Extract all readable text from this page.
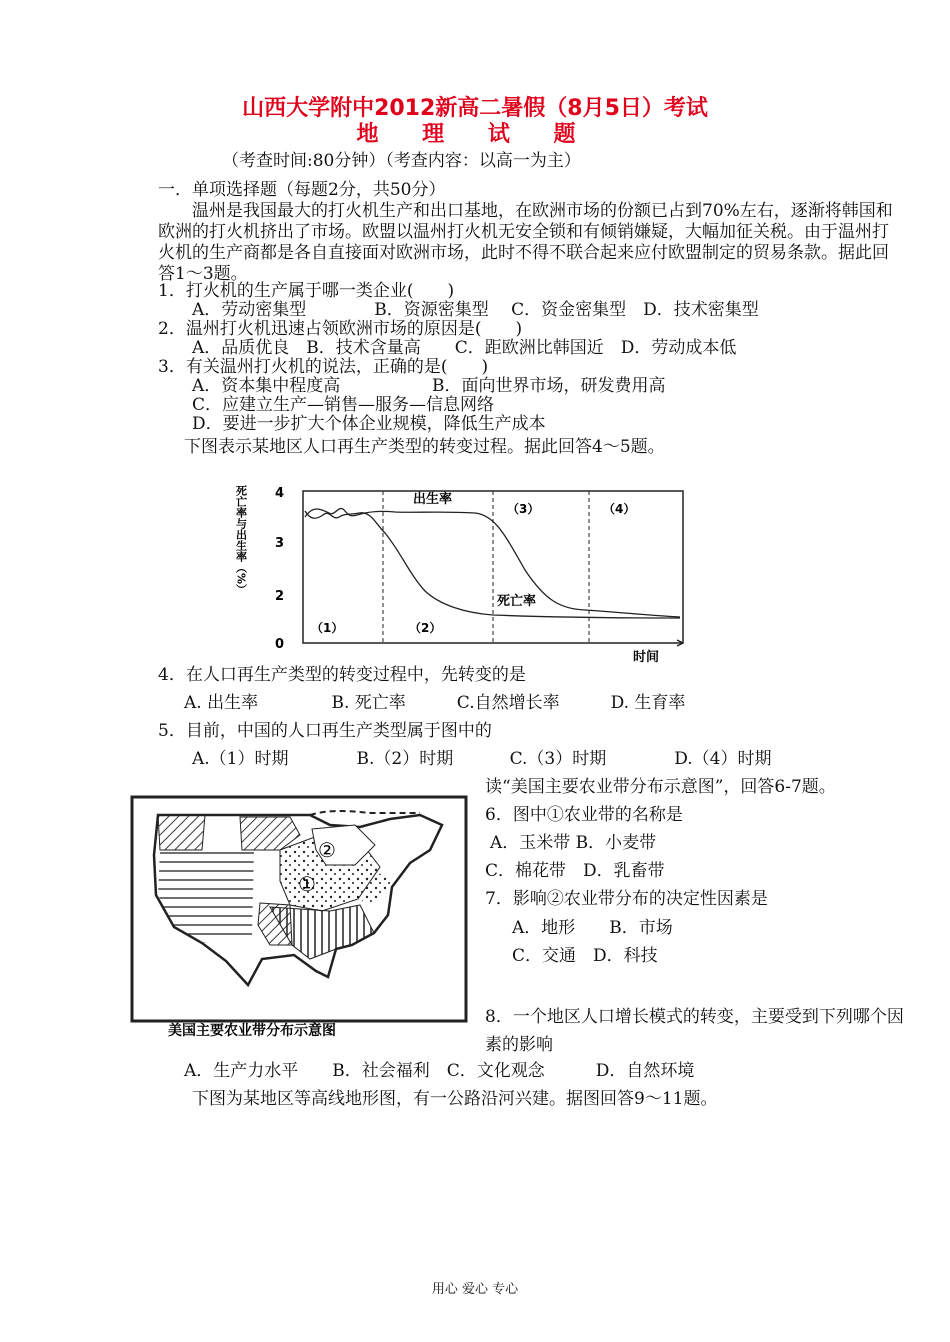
山西大学附中2012新高二暑假（8月5日）考试
地 理 试 题
（考查时间:80分钟）（考查内容：以高一为主）
一．单项选择题（每题2分，共50分）
温州是我国最大的打火机生产和出口基地，在欧洲市场的份额已占到70%左右，逐渐将韩国和欧洲的打火机挤出了市场。欧盟以温州打火机无安全锁和有倾销嫌疑，大幅加征关税。由于温州打火机的生产商都是各自直接面对欧洲市场，此时不得不联合起来应付欧盟制定的贸易条款。据此回答1～3题。
1．打火机的生产属于哪一类企业(　　)
A．劳动密集型　　　　B．资源密集型　 C．资金密集型　D．技术密集型
2．温州打火机迅速占领欧洲市场的原因是(　　)
A．品质优良　B．技术含量高　　C．距欧洲比韩国近　D．劳动成本低
3．有关温州打火机的说法，正确的是(　　)
A．资本集中程度高	B．面向世界市场，研发费用高
C．应建立生产—销售—服务—信息网络
D．要进一步扩大个体企业规模，降低生产成本
下图表示某地区人口再生产类型的转变过程。据此回答4～5题。
死亡率与出生率（%） 4
3
2
0
出生率
死亡率
（1）	（2）
（3）	（4）
时间
4．在人口再生产类型的转变过程中，先转变的是
A. 出生率　　　　 B. 死亡率　　　C.自然增长率　　　D. 生育率
5．目前，中国的人口再生产类型属于图中的
A.（1）时期　　　　B.（2）时期　　　 C.（3）时期　　　　D.（4）时期
②
①
美国主要农业带分布示意图
读“美国主要农业带分布示意图”，回答6-7题。
6．图中①农业带的名称是
A．玉米带 B．小麦带
C．棉花带　D．乳畜带
7．影响②农业带分布的决定性因素是
A．地形　　B．市场
C．交通　D．科技
8．一个地区人口增长模式的转变，主要受到下列哪个因素的影响
A．生产力水平　　B．社会福利　C．文化观念　　　D．自然环境
下图为某地区等高线地形图，有一公路沿河兴建。据图回答9～11题。
用心 爱心 专心
